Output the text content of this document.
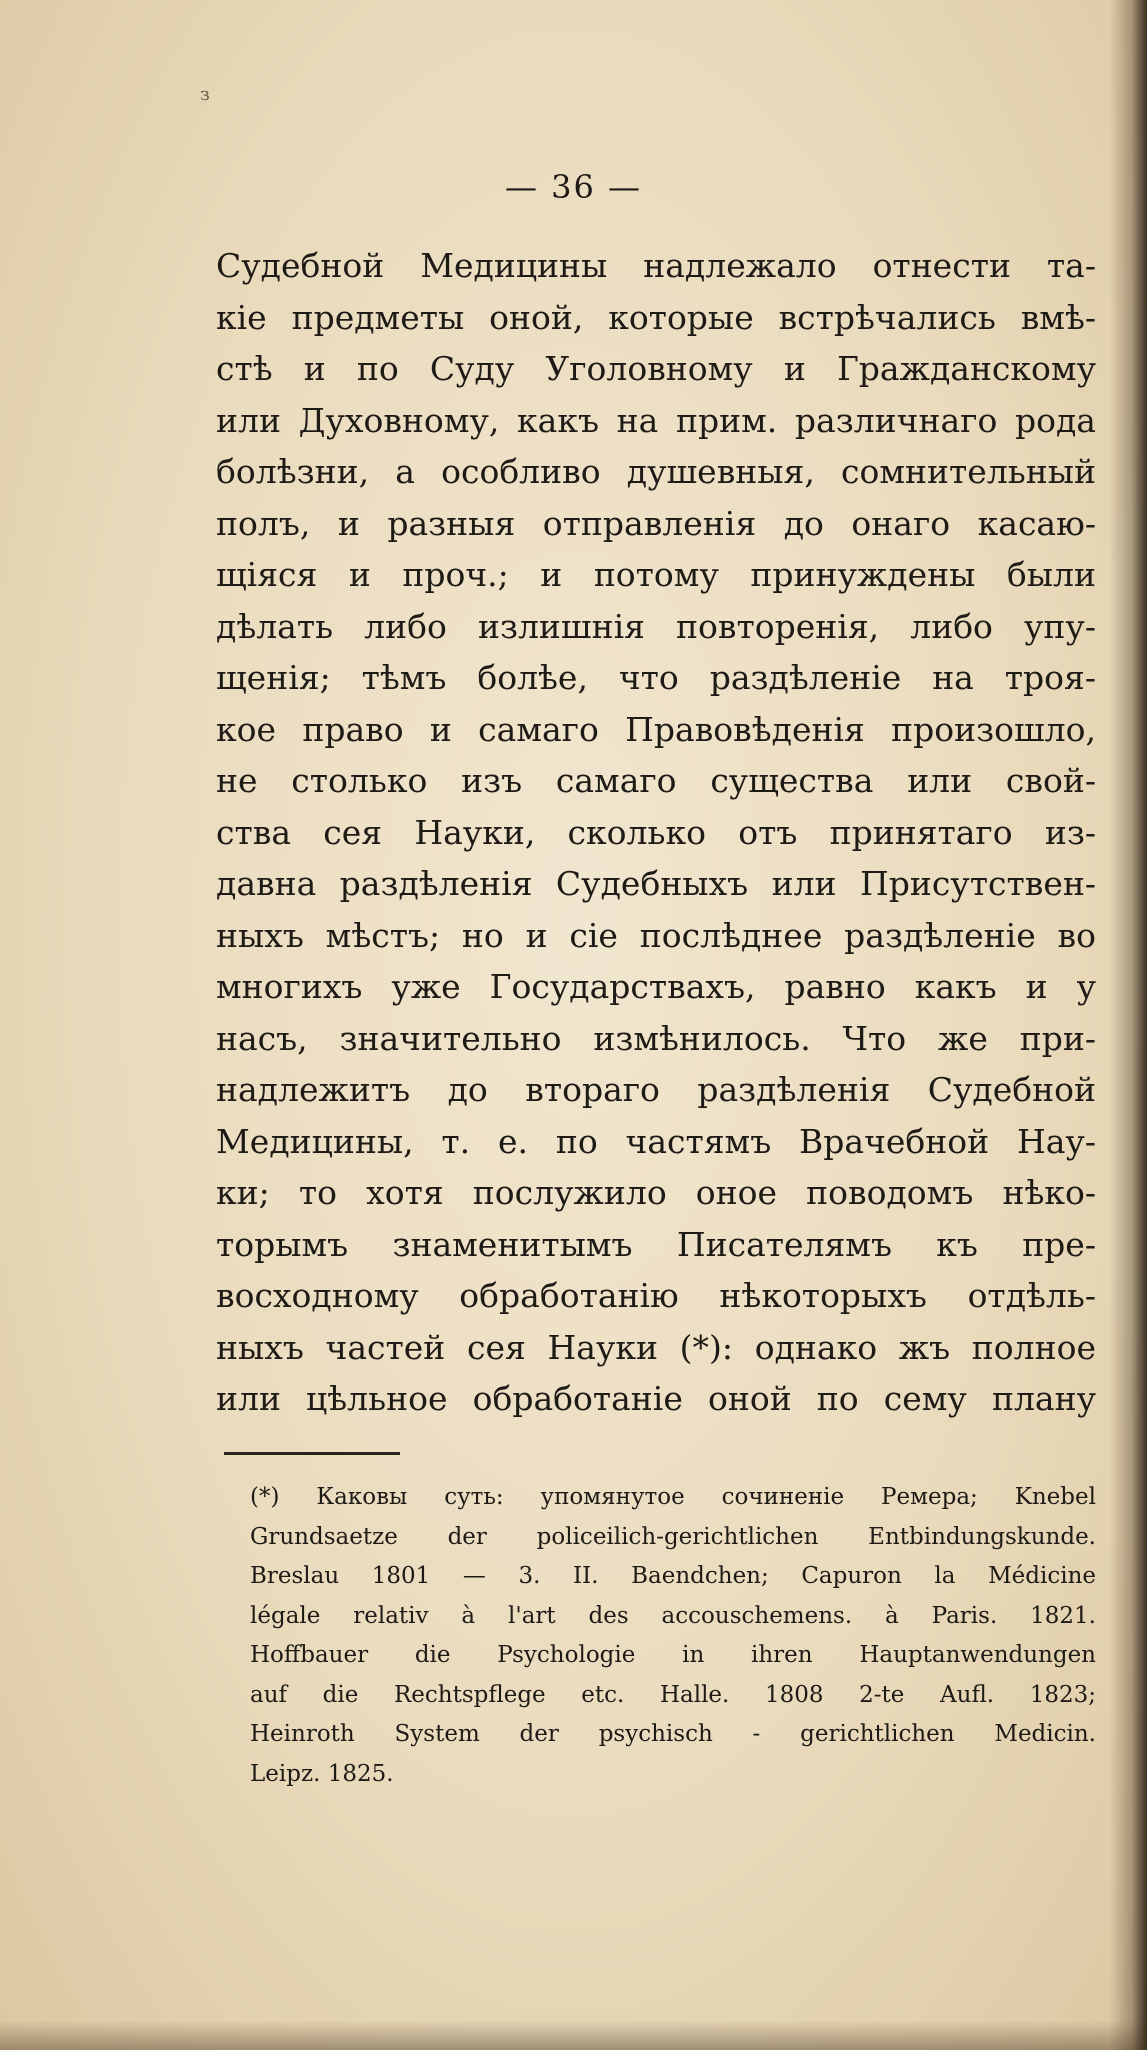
з
— 36 —
Судебной Медицины надлежало отнести та-
кіе предметы оной, которые встрѣчались вмѣ-
стѣ и по Суду Уголовному и Гражданскому
или Духовному, какъ на прим. различнаго рода
болѣзни, а особливо душевныя, сомнительный
полъ, и разныя отправленія до онаго касаю-
щіяся и проч.; и потому принуждены были
дѣлать либо излишнія повторенія, либо упу-
щенія; тѣмъ болѣе, что раздѣленіе на троя-
кое право и самаго Правовѣденія произошло,
не столько изъ самаго существа или свой-
ства сея Науки, сколько отъ принятаго из-
давна раздѣленія Судебныхъ или Присутствен-
ныхъ мѣстъ; но и сіе послѣднее раздѣленіе во
многихъ уже Государствахъ, равно какъ и у
насъ, значительно измѣнилось. Что же при-
надлежитъ до втораго раздѣленія Судебной
Медицины, т. е. по частямъ Врачебной Нау-
ки; то хотя послужило оное поводомъ нѣко-
торымъ знаменитымъ Писателямъ къ пре-
восходному обработанію нѣкоторыхъ отдѣль-
ныхъ частей сея Науки (*): однако жъ полное
или цѣльное обработаніе оной по сему плану
(*) Каковы суть: упомянутое сочиненіе Ремера; Knebel
Grundsaetze der policeilich-gerichtlichen Entbindungskunde.
Breslau 1801 — 3. II. Baendchen; Capuron la Médicine
légale relativ à l'art des accouschemens. à Paris. 1821.
Hoffbauer die Psychologie in ihren Hauptanwendungen
auf die Rechtspflege etc. Halle. 1808 2-te Aufl. 1823;
Heinroth System der psychisch - gerichtlichen Medicin.
Leipz. 1825.
